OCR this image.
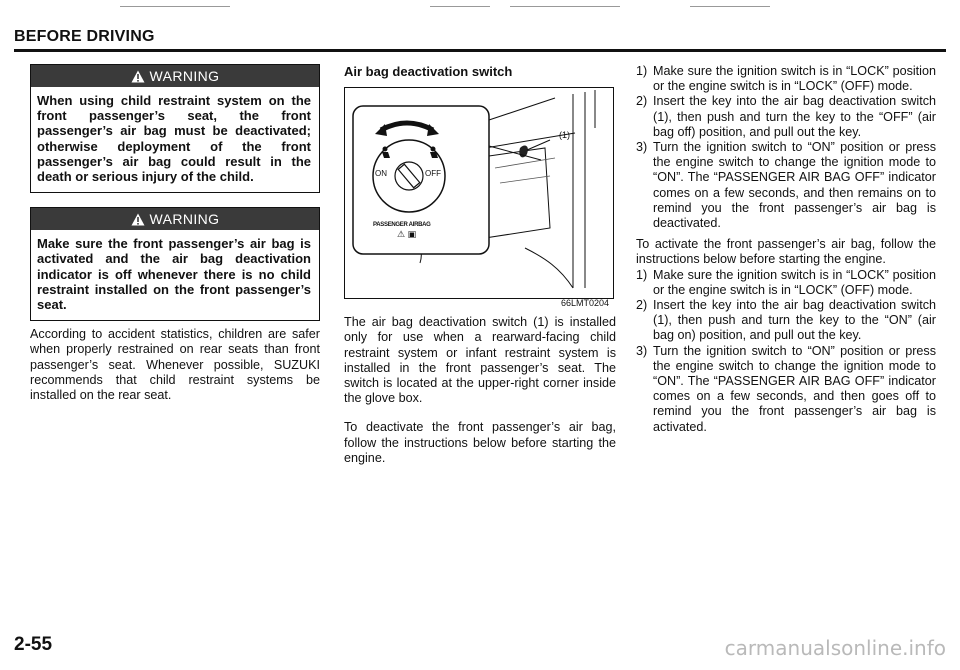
BEFORE DRIVING
WARNING
When using child restraint system on the front passenger’s seat, the front passenger’s air bag must be deactivated; otherwise deployment of the front passenger’s air bag could result in the death or serious injury of the child.
WARNING
Make sure the front passenger’s air bag is activated and the air bag deactivation indicator is off whenever there is no child restraint installed on the front passenger’s seat.

According to accident statistics, children are safer when properly restrained on rear seats than front passenger’s seat. Whenever possible, SUZUKI recommends that child restraint systems be installed on the rear seat.

Air bag deactivation switch
(1)
ON	OFF
PASSENGER AIRBAG
⚠ ▣
66LMT0204

The air bag deactivation switch (1) is installed only for use when a rearward-facing child restraint system or infant restraint system is installed in the front passenger’s seat. The switch is located at the upper-right corner inside the glove box.

To deactivate the front passenger’s air bag, follow the instructions below before starting the engine.

1) Make sure the ignition switch is in “LOCK” position or the engine switch is in “LOCK” (OFF) mode.
2) Insert the key into the air bag deactivation switch (1), then push and turn the key to the “OFF” (air bag off) position, and pull out the key.
3) Turn the ignition switch to “ON” position or press the engine switch to change the ignition mode to “ON”. The “PASSENGER AIR BAG OFF” indicator comes on a few seconds, and then remains on to remind you the front passenger’s air bag is deactivated.

To activate the front passenger’s air bag, follow the instructions below before starting the engine.

1) Make sure the ignition switch is in “LOCK” position or the engine switch is in “LOCK” (OFF) mode.
2) Insert the key into the air bag deactivation switch (1), then push and turn the key to the “ON” (air bag on) position, and pull out the key.
3) Turn the ignition switch to “ON” position or press the engine switch to change the ignition mode to “ON”. The “PASSENGER AIR BAG OFF” indicator comes on a few seconds, and then goes off to remind you the front passenger’s air bag is activated.
2-55	carmanualsonline.info
